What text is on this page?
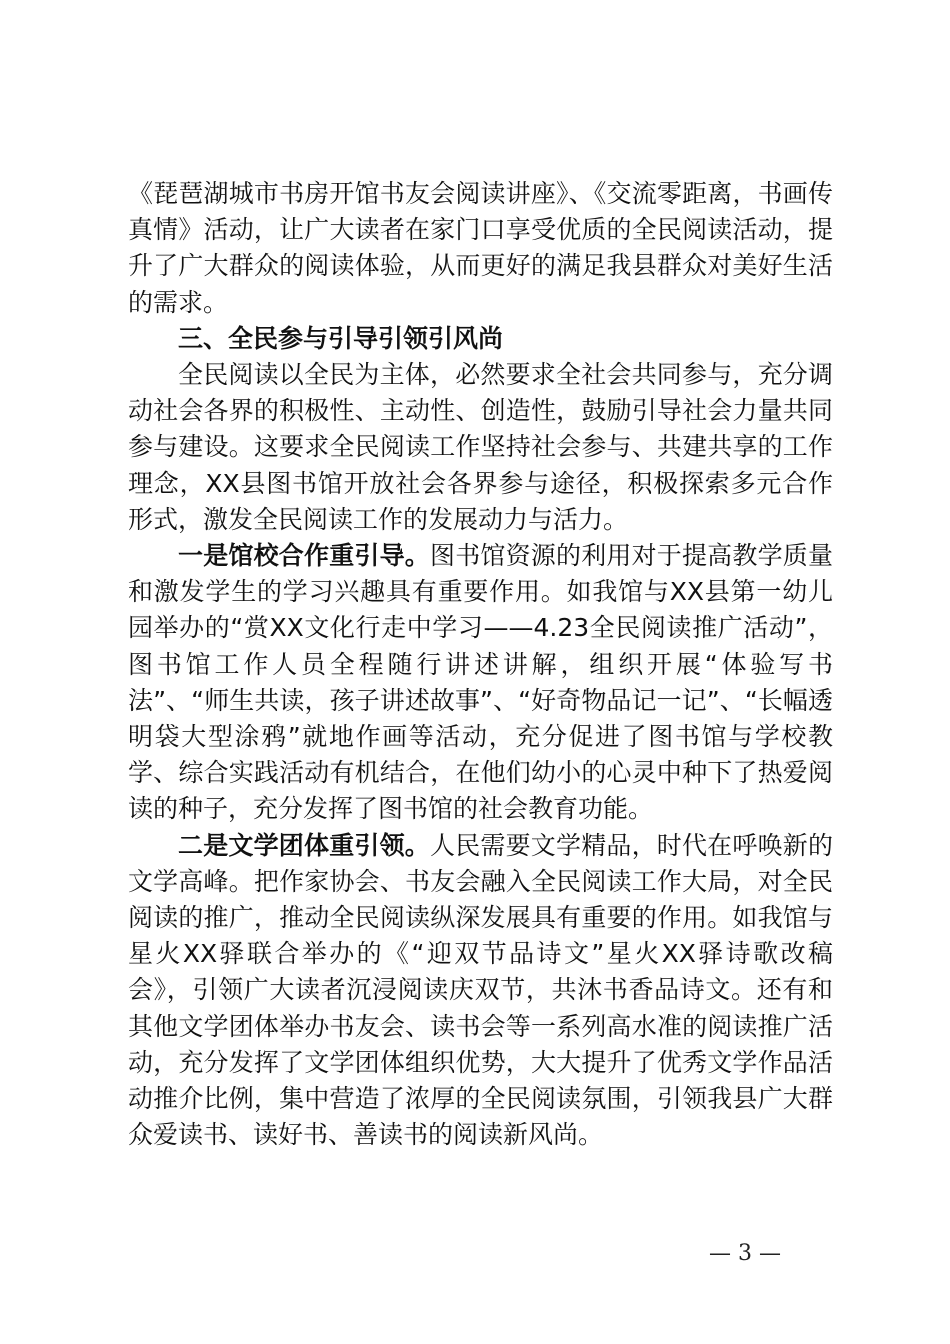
《琵琶湖城市书房开馆书友会阅读讲座》、《交流零距离，书画传真情》活动，让广大读者在家门口享受优质的全民阅读活动，提升了广大群众的阅读体验，从而更好的满足我县群众对美好生活的需求。

三、全民参与引导引领引风尚

全民阅读以全民为主体，必然要求全社会共同参与，充分调动社会各界的积极性、主动性、创造性，鼓励引导社会力量共同参与建设。这要求全民阅读工作坚持社会参与、共建共享的工作理念，XX县图书馆开放社会各界参与途径，积极探索多元合作形式，激发全民阅读工作的发展动力与活力。

一是馆校合作重引导。图书馆资源的利用对于提高教学质量和激发学生的学习兴趣具有重要作用。如我馆与XX县第一幼儿园举办的“赏XX文化行走中学习——4.23全民阅读推广活动”，图书馆工作人员全程随行讲述讲解，组织开展“体验写书法”、“师生共读，孩子讲述故事”、“好奇物品记一记”、“长幅透明袋大型涂鸦”就地作画等活动，充分促进了图书馆与学校教学、综合实践活动有机结合，在他们幼小的心灵中种下了热爱阅读的种子，充分发挥了图书馆的社会教育功能。

二是文学团体重引领。人民需要文学精品，时代在呼唤新的文学高峰。把作家协会、书友会融入全民阅读工作大局，对全民阅读的推广，推动全民阅读纵深发展具有重要的作用。如我馆与星火XX驿联合举办的《“迎双节品诗文”星火XX驿诗歌改稿会》，引领广大读者沉浸阅读庆双节，共沐书香品诗文。还有和其他文学团体举办书友会、读书会等一系列高水准的阅读推广活动，充分发挥了文学团体组织优势，大大提升了优秀文学作品活动推介比例，集中营造了浓厚的全民阅读氛围，引领我县广大群众爱读书、读好书、善读书的阅读新风尚。

— 3 —
